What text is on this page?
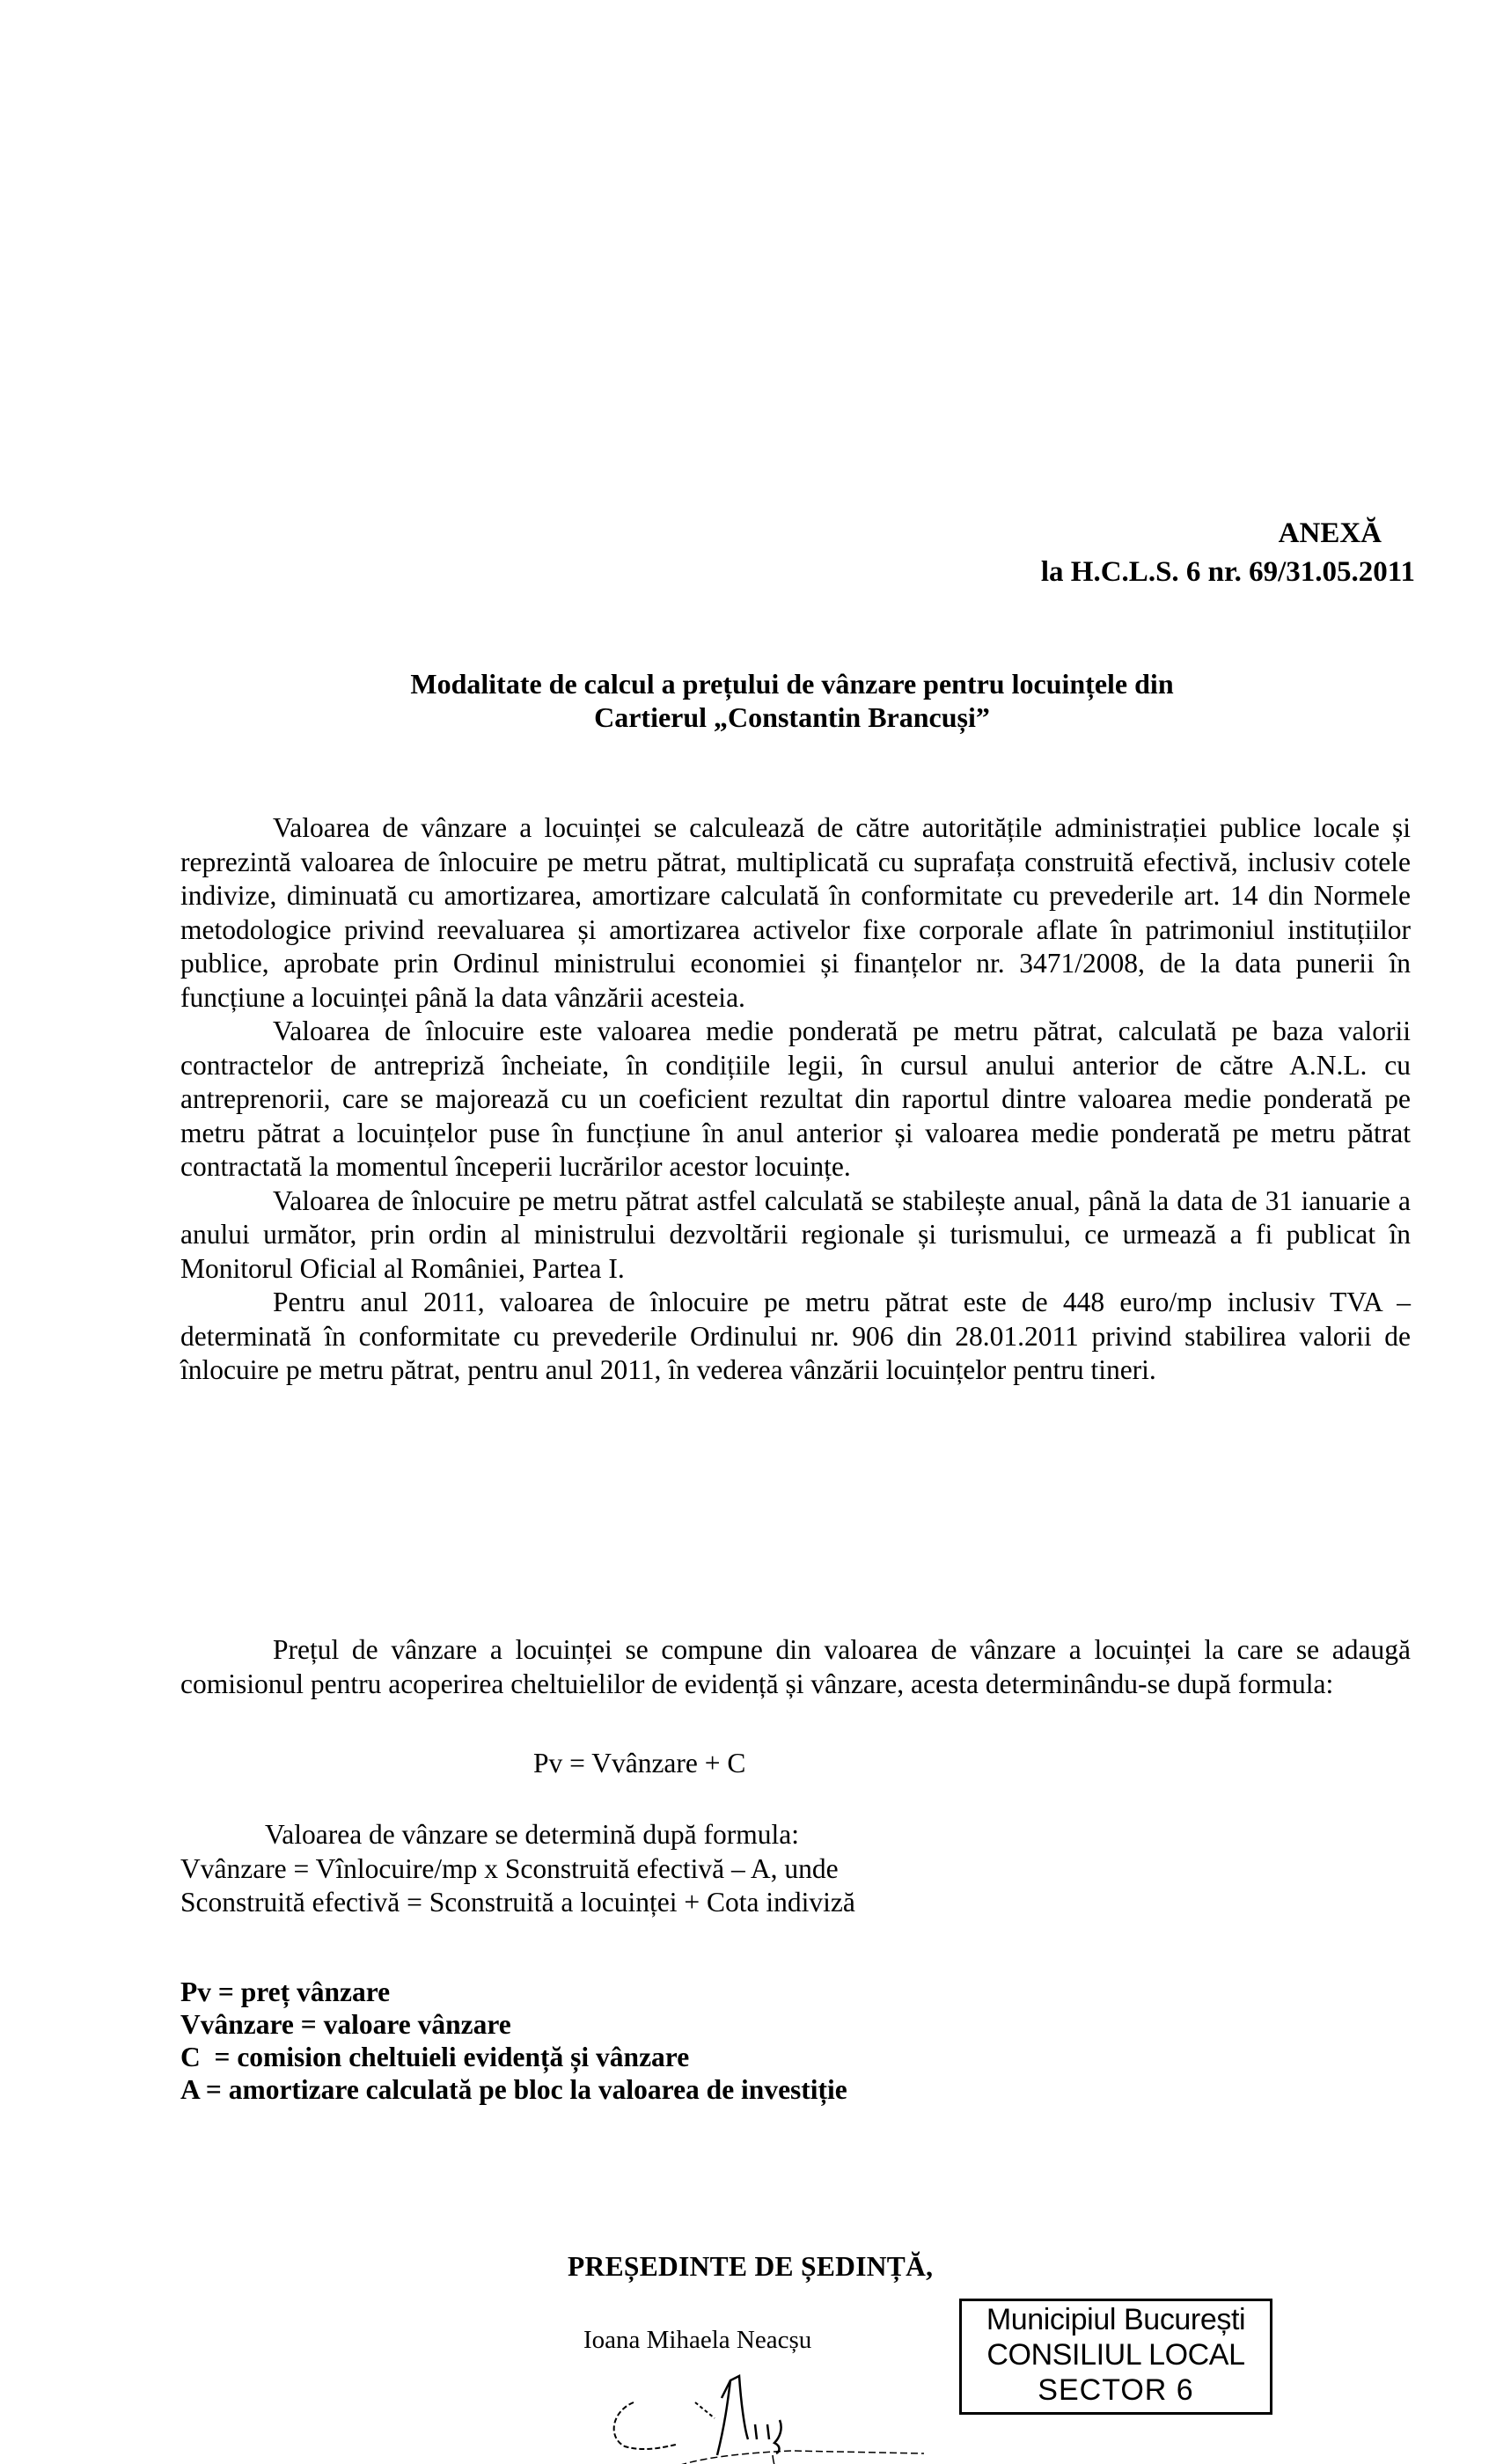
ANEXĂ
la H.C.L.S. 6 nr. 69/31.05.2011
Modalitate de calcul a prețului de vânzare pentru locuințele din
Cartierul „Constantin Brancuși”

Valoarea de vânzare a locuinței se calculează de către autoritățile administrației publice locale și reprezintă valoarea de înlocuire pe metru pătrat, multiplicată cu suprafața construită efectivă, inclusiv cotele indivize, diminuată cu amortizarea, amortizare calculată în conformitate cu prevederile art. 14 din Normele metodologice privind reevaluarea și amortizarea activelor fixe corporale aflate în patrimoniul instituțiilor publice, aprobate prin Ordinul ministrului economiei și finanțelor nr. 3471/2008, de la data punerii în funcțiune a locuinței până la data vânzării acesteia.

Valoarea de înlocuire este valoarea medie ponderată pe metru pătrat, calculată pe baza valorii contractelor de antrepriză încheiate, în condițiile legii, în cursul anului anterior de către A.N.L. cu antreprenorii, care se majorează cu un coeficient rezultat din raportul dintre valoarea medie ponderată pe metru pătrat a locuințelor puse în funcțiune în anul anterior și valoarea medie ponderată pe metru pătrat contractată la momentul începerii lucrărilor acestor locuințe.

Valoarea de înlocuire pe metru pătrat astfel calculată se stabilește anual, până la data de 31 ianuarie a anului următor, prin ordin al ministrului dezvoltării regionale și turismului, ce urmează a fi publicat în Monitorul Oficial al României, Partea I.

Pentru anul 2011, valoarea de înlocuire pe metru pătrat este de 448 euro/mp inclusiv TVA – determinată în conformitate cu prevederile Ordinului nr. 906 din 28.01.2011 privind stabilirea valorii de înlocuire pe metru pătrat, pentru anul 2011, în vederea vânzării locuințelor pentru tineri.

Prețul de vânzare a locuinței se compune din valoarea de vânzare a locuinței la care se adaugă comisionul pentru acoperirea cheltuielilor de evidență și vânzare, acesta determinându-se după formula:

Pv = Vvânzare + C
Valoarea de vânzare se determină după formula:
Vvânzare = Vînlocuire/mp x Sconstruită efectivă – A, unde
Sconstruită efectivă = Sconstruită a locuinței + Cota indiviză
Pv = preț vânzare
Vvânzare = valoare vânzare
C  = comision cheltuieli evidență și vânzare
A = amortizare calculată pe bloc la valoarea de investiție
PREȘEDINTE DE ȘEDINȚĂ,
Ioana Mihaela Neacșu
Municipiul București
CONSILIUL LOCAL
SECTOR 6
